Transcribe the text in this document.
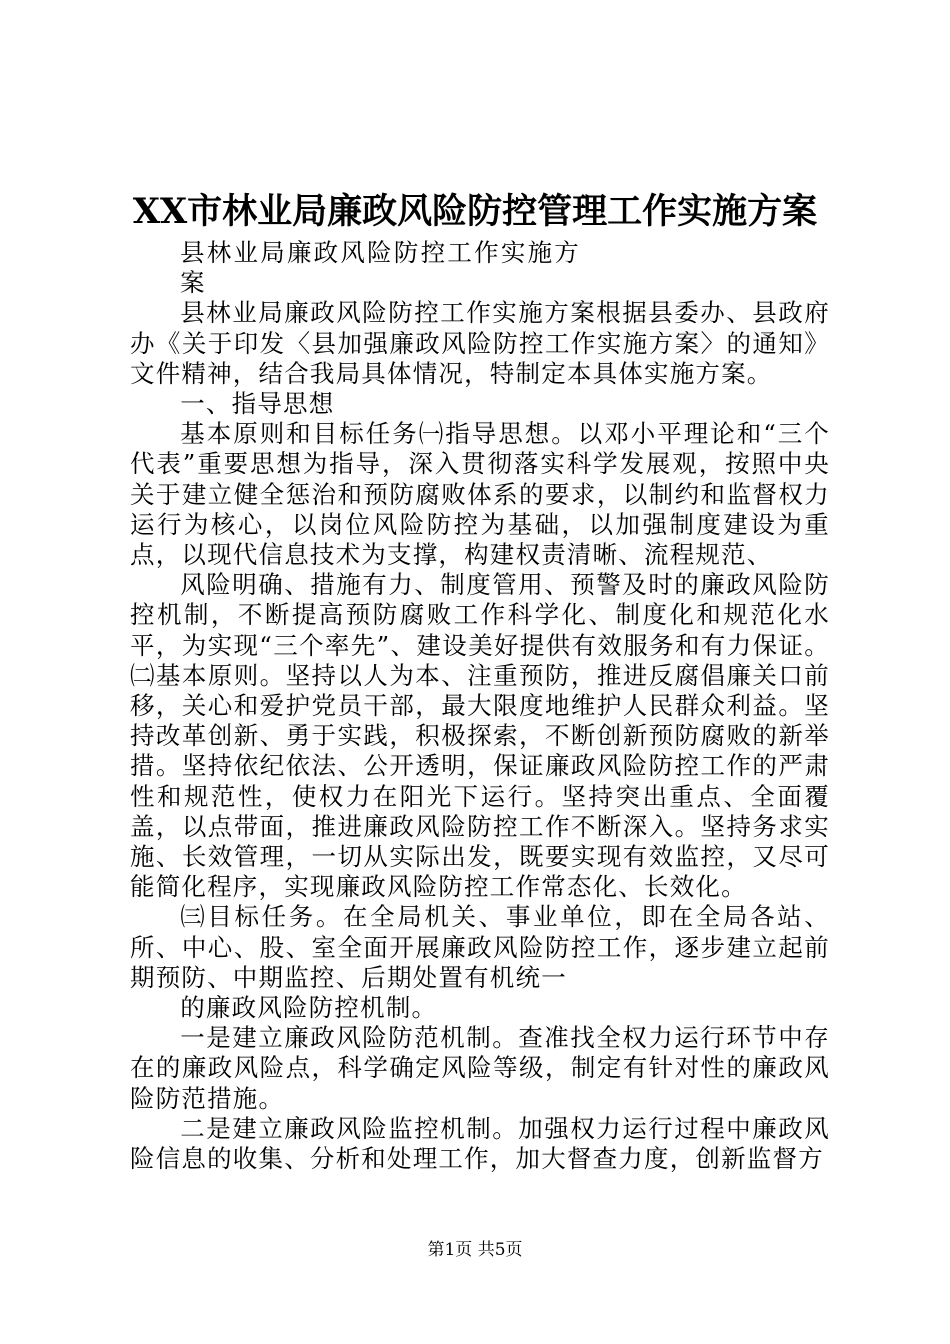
XX市林业局廉政风险防控管理工作实施方案

县林业局廉政风险防控工作实施方案

县林业局廉政风险防控工作实施方案根据县委办、县政府办《关于印发〈县加强廉政风险防控工作实施方案〉的通知》文件精神，结合我局具体情况，特制定本具体实施方案。

一、指导思想

基本原则和目标任务㈠指导思想。以邓小平理论和“三个代表”重要思想为指导，深入贯彻落实科学发展观，按照中央关于建立健全惩治和预防腐败体系的要求，以制约和监督权力运行为核心，以岗位风险防控为基础，以加强制度建设为重点，以现代信息技术为支撑，构建权责清晰、流程规范、

风险明确、措施有力、制度管用、预警及时的廉政风险防控机制，不断提高预防腐败工作科学化、制度化和规范化水平，为实现“三个率先”、建设美好提供有效服务和有力保证。㈡基本原则。坚持以人为本、注重预防，推进反腐倡廉关口前移，关心和爱护党员干部，最大限度地维护人民群众利益。坚持改革创新、勇于实践，积极探索，不断创新预防腐败的新举措。坚持依纪依法、公开透明，保证廉政风险防控工作的严肃性和规范性，使权力在阳光下运行。坚持突出重点、全面覆盖，以点带面，推进廉政风险防控工作不断深入。坚持务求实施、长效管理，一切从实际出发，既要实现有效监控，又尽可能简化程序，实现廉政风险防控工作常态化、长效化。

㈢目标任务。在全局机关、事业单位，即在全局各站、所、中心、股、室全面开展廉政风险防控工作，逐步建立起前期预防、中期监控、后期处置有机统一

的廉政风险防控机制。

一是建立廉政风险防范机制。查准找全权力运行环节中存在的廉政风险点，科学确定风险等级，制定有针对性的廉政风险防范措施。

二是建立廉政风险监控机制。加强权力运行过程中廉政风险信息的收集、分析和处理工作，加大督查力度，创新监督方

第1页 共5页
